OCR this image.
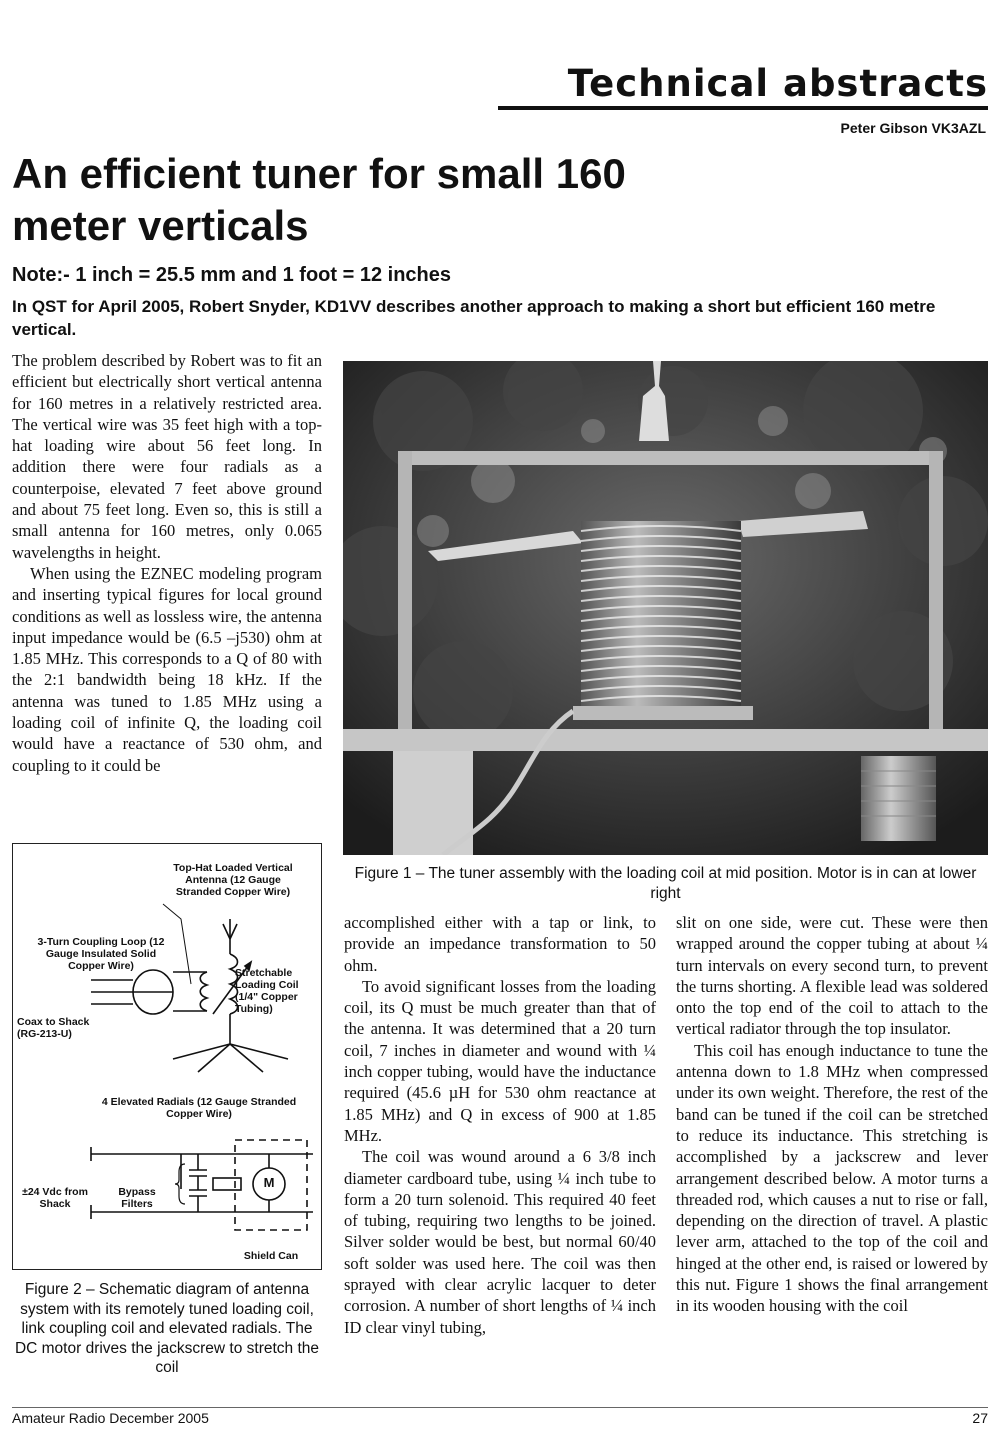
Technical abstracts
Peter Gibson VK3AZL
An efficient tuner for small 160 meter verticals
Note:- 1 inch = 25.5 mm and 1 foot = 12 inches
In QST for April 2005, Robert Snyder, KD1VV describes another approach to making a short but efficient 160 metre vertical.

The problem described by Robert was to fit an efficient but electrically short vertical antenna for 160 metres in a relatively restricted area. The vertical wire was 35 feet high with a top-hat loading wire about 56 feet long. In addition there were four radials as a counterpoise, elevated 7 feet above ground and about 75 feet long. Even so, this is still a small antenna for 160 metres, only 0.065 wavelengths in height.

When using the EZNEC modeling program and inserting typical figures for local ground conditions as well as lossless wire, the antenna input impedance would be (6.5 –j530) ohm at 1.85 MHz. This corresponds to a Q of 80 with the 2:1 bandwidth being 18 kHz. If the antenna was tuned to 1.85 MHz using a loading coil of infinite Q, the loading coil would have a reactance of 530 ohm, and coupling to it could be

Figure 1 – The tuner assembly with the loading coil at mid position. Motor is in can at lower right
Top-Hat Loaded Vertical Antenna (12 Gauge Stranded Copper Wire)
3-Turn Coupling Loop (12 Gauge Insulated Solid Copper Wire)
Coax to Shack (RG-213-U)
Stretchable Loading Coil (1/4" Copper Tubing)
4 Elevated Radials (12 Gauge Stranded Copper Wire)
±24 Vdc from Shack
Bypass Filters
M
Shield Can
Figure 2 – Schematic diagram of antenna system with its remotely tuned loading coil, link coupling coil and elevated radials. The DC motor drives the jackscrew to stretch the coil

accomplished either with a tap or link, to provide an impedance transformation to 50 ohm.

To avoid significant losses from the loading coil, its Q must be much greater than that of the antenna. It was determined that a 20 turn coil, 7 inches in diameter and wound with ¼ inch copper tubing, would have the inductance required (45.6 µH for 530 ohm reactance at 1.85 MHz) and Q in excess of 900 at 1.85 MHz.

The coil was wound around a 6 3/8 inch diameter cardboard tube, using ¼ inch tube to form a 20 turn solenoid. This required 40 feet of tubing, requiring two lengths to be joined. Silver solder would be best, but normal 60/40 soft solder was used here. The coil was then sprayed with clear acrylic lacquer to deter corrosion. A number of short lengths of ¼ inch ID clear vinyl tubing,

slit on one side, were cut. These were then wrapped around the copper tubing at about ¼ turn intervals on every second turn, to prevent the turns shorting. A flexible lead was soldered onto the top end of the coil to attach to the vertical radiator through the top insulator.

This coil has enough inductance to tune the antenna down to 1.8 MHz when compressed under its own weight. Therefore, the rest of the band can be tuned if the coil can be stretched to reduce its inductance. This stretching is accomplished by a jackscrew and lever arrangement described below. A motor turns a threaded rod, which causes a nut to rise or fall, depending on the direction of travel. A plastic lever arm, attached to the top of the coil and hinged at the other end, is raised or lowered by this nut. Figure 1 shows the final arrangement in its wooden housing with the coil

Amateur Radio December 2005	27
